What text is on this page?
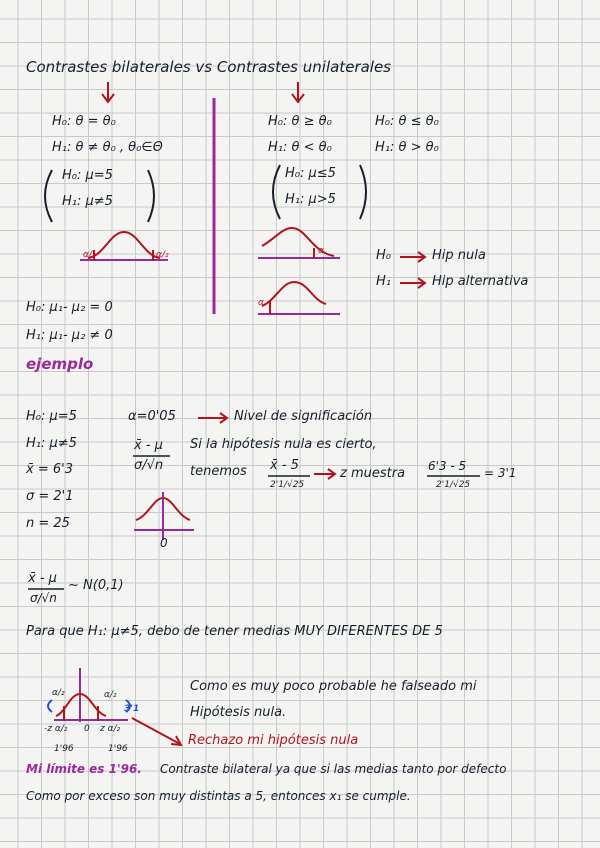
Contrastes bilaterales vs Contrastes unilaterales
H₀: θ = θ₀
H₁: θ ≠ θ₀ , θ₀∈Θ
H₀: μ=5
H₁: μ≠5
α/₂	α/₂
H₀: θ ≥ θ₀
H₁: θ < θ₀
H₀: θ ≤ θ₀
H₁: θ > θ₀
H₀: μ≤5
H₁: μ>5
α
α
H₀	Hip nula
H₁	Hip alternativa
H₀: μ₁- μ₂ = 0
H₁: μ₁- μ₂ ≠ 0
ejemplo
H₀: μ=5
H₁: μ≠5
x̄ = 6'3
σ = 2'1
n = 25
α=0'05	Nivel de significación
x̄ - μ
σ/√n
Si la hipótesis nula es cierto,
tenemos x̄ - 5
2'1/√25
z muestra 6'3 - 5
2'1/√25
= 3'1
0
x̄ - μ
σ/√n
~ N(0,1)
Para que H₁: μ≠5, debo de tener medias MUY DIFERENTES DE 5
α/₂	α/₂
3'1
-z α/₂ 0 z α/₂
1'96	1'96
Como es muy poco probable he falseado mi
Hipótesis nula.
Rechazo mi hipótesis nula
Mi límite es 1'96. Contraste bilateral ya que si las medias tanto por defecto
Como por exceso son muy distintas a 5, entonces x₁ se cumple.
